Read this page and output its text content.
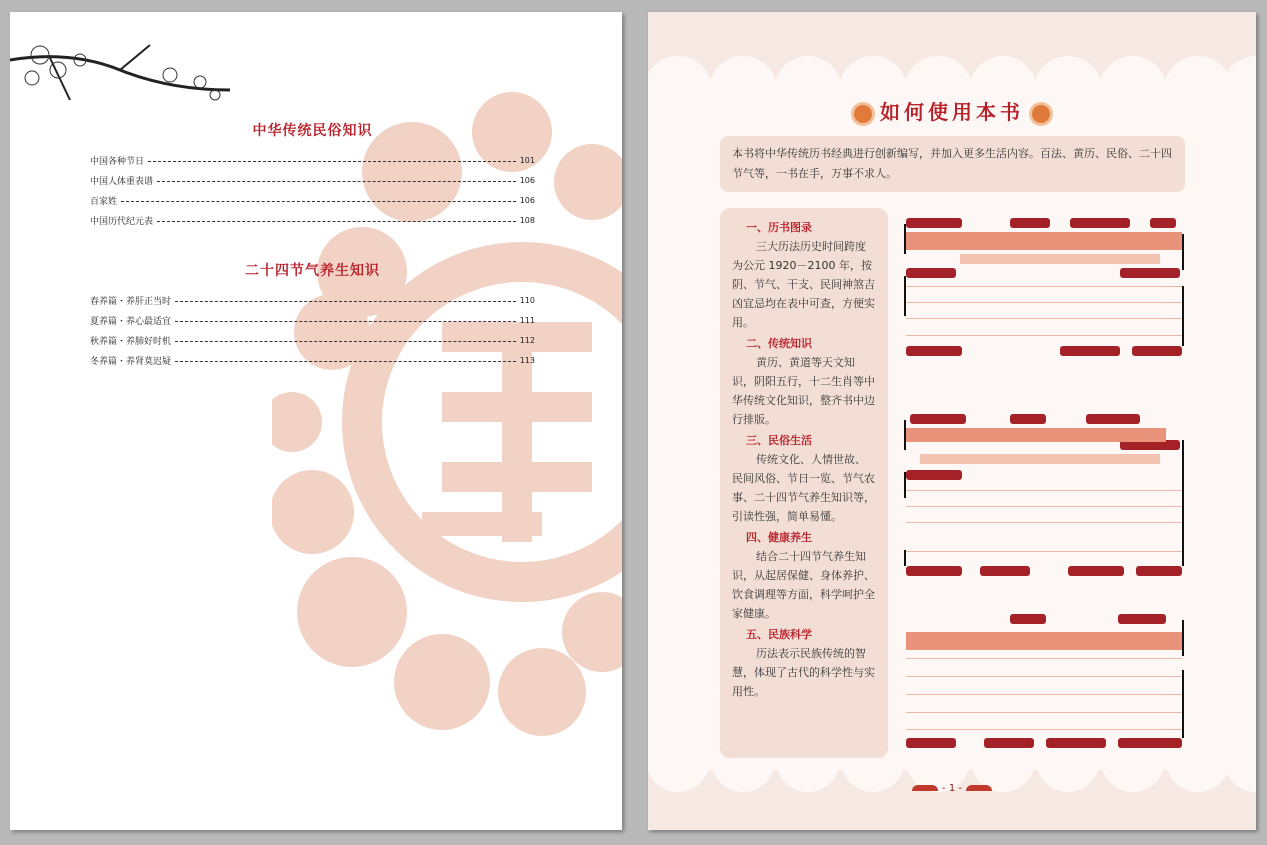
中华传统民俗知识
中国各种节日	101
中国人体重表谱	106
百家姓	106
中国历代纪元表	108
二十四节气养生知识
春养篇・养肝正当时	110
夏养篇・养心最适宜	111
秋养篇・养肺好时机	112
冬养篇・养肾莫迟疑	113
如何使用本书
本书将中华传统历书经典进行创新编写，并加入更多生活内容。百法、黄历、民俗、二十四节气等，一书在手，万事不求人。
一、历书图录
三大历法历史时间跨度为公元 1920－2100 年，按阴、节气、干支、民间神煞吉凶宜忌均在表中可查，方便实用。
二、传统知识
黄历、黄道等天文知识，阴阳五行，十二生肖等中华传统文化知识，整齐书中边行排版。
三、民俗生活
传统文化、人情世故、民间风俗、节日一览、节气农事、二十四节气养生知识等，引读性强，简单易懂。
四、健康养生
结合二十四节气养生知识，从起居保健、身体养护、饮食调理等方面，科学呵护全家健康。
五、民族科学
历法表示民族传统的智慧，体现了古代的科学性与实用性。
- 1 -
